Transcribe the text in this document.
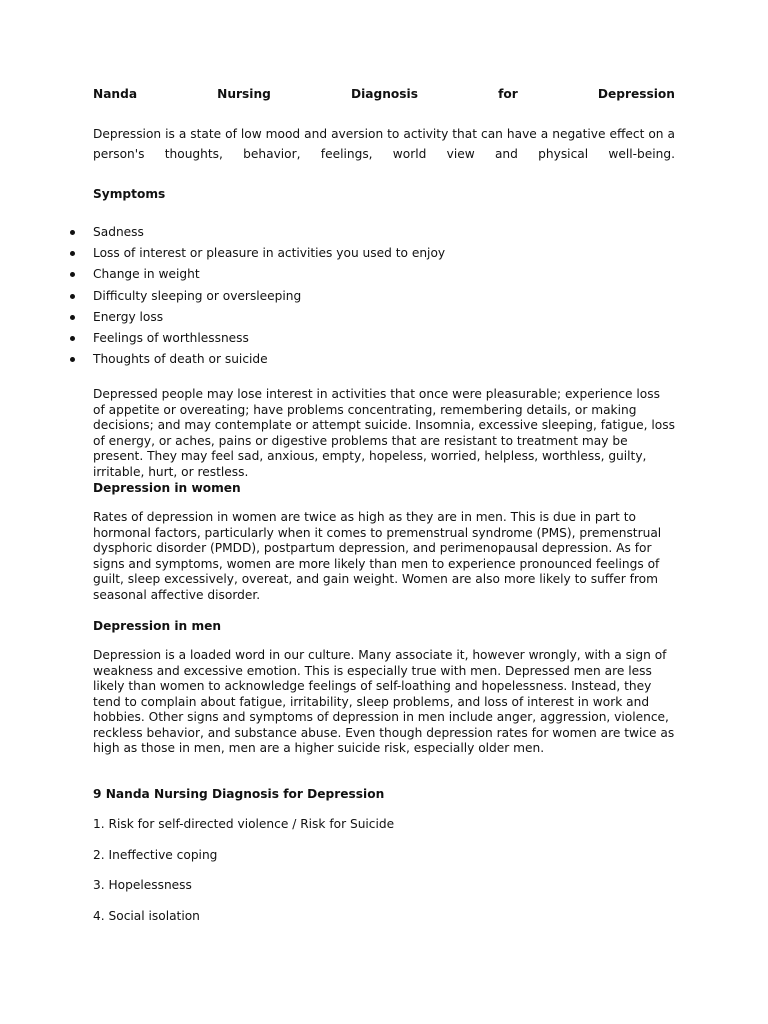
Nanda	Nursing	Diagnosis	for	Depression

Depression is a state of low mood and aversion to activity that can have a negative effect on a person's thoughts, behavior, feelings, world view and physical well-being.

Symptoms

Sadness
Loss of interest or pleasure in activities you used to enjoy
Change in weight
Difficulty sleeping or oversleeping
Energy loss
Feelings of worthlessness
Thoughts of death or suicide

Depressed people may lose interest in activities that once were pleasurable; experience loss of appetite or overeating; have problems concentrating, remembering details, or making decisions; and may contemplate or attempt suicide. Insomnia, excessive sleeping, fatigue, loss of energy, or aches, pains or digestive problems that are resistant to treatment may be present. They may feel sad, anxious, empty, hopeless, worried, helpless, worthless, guilty, irritable, hurt, or restless.

Depression in women

Rates of depression in women are twice as high as they are in men. This is due in part to hormonal factors, particularly when it comes to premenstrual syndrome (PMS), premenstrual dysphoric disorder (PMDD), postpartum depression, and perimenopausal depression. As for signs and symptoms, women are more likely than men to experience pronounced feelings of guilt, sleep excessively, overeat, and gain weight. Women are also more likely to suffer from seasonal affective disorder.

Depression in men

Depression is a loaded word in our culture. Many associate it, however wrongly, with a sign of weakness and excessive emotion. This is especially true with men. Depressed men are less likely than women to acknowledge feelings of self-loathing and hopelessness. Instead, they tend to complain about fatigue, irritability, sleep problems, and loss of interest in work and hobbies. Other signs and symptoms of depression in men include anger, aggression, violence, reckless behavior, and substance abuse. Even though depression rates for women are twice as high as those in men, men are a higher suicide risk, especially older men.

9 Nanda Nursing Diagnosis for Depression

1. Risk for self-directed violence / Risk for Suicide

2. Ineffective coping

3. Hopelessness

4. Social isolation
